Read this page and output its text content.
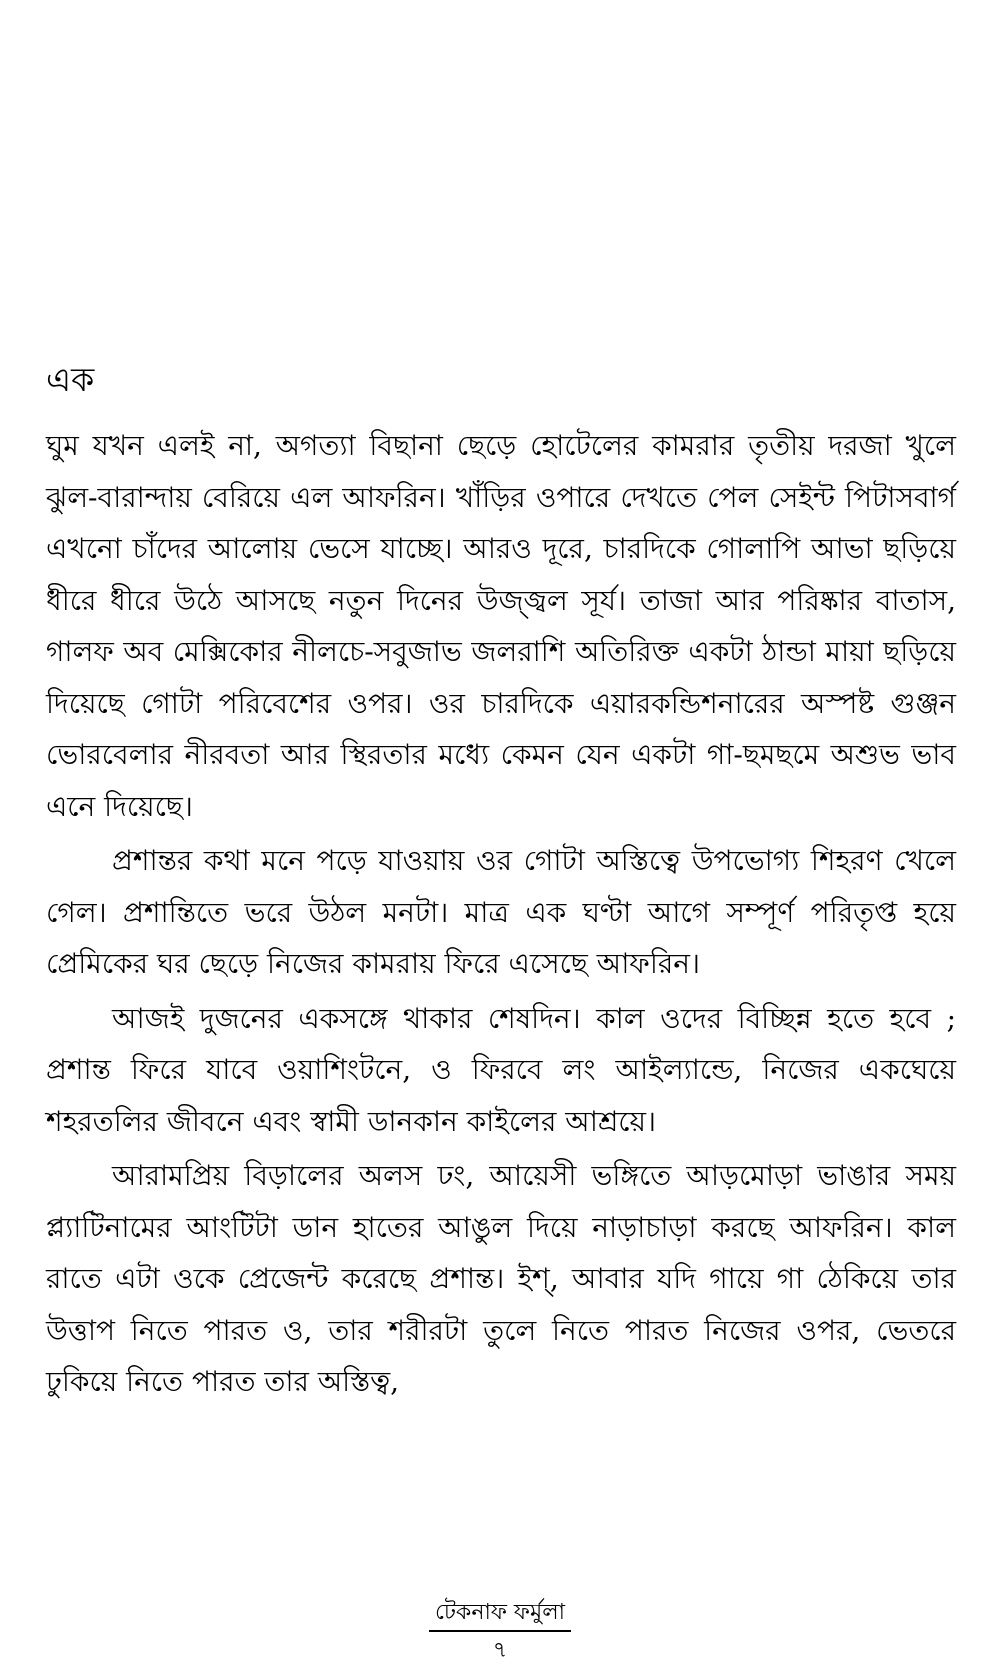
এক

ঘুম যখন এলই না, অগত্যা বিছানা ছেড়ে হোটেলের কামরার তৃতীয় দরজা খুলে ঝুল-বারান্দায় বেরিয়ে এল আফরিন। খাঁড়ির ওপারে দেখতে পেল সেইন্ট পিটাসবার্গ এখনো চাঁদের আলোয় ভেসে যাচ্ছে। আরও দূরে, চারদিকে গোলাপি আভা ছড়িয়ে ধীরে ধীরে উঠে আসছে নতুন দিনের উজ্জ্বল সূর্য। তাজা আর পরিষ্কার বাতাস, গালফ অব মেক্সিকোর নীলচে-সবুজাভ জলরাশি অতিরিক্ত একটা ঠান্ডা মায়া ছড়িয়ে দিয়েছে গোটা পরিবেশের ওপর। ওর চারদিকে এয়ারকন্ডিশনারের অস্পষ্ট গুঞ্জন ভোরবেলার নীরবতা আর স্থিরতার মধ্যে কেমন যেন একটা গা-ছমছমে অশুভ ভাব এনে দিয়েছে।

প্রশান্তর কথা মনে পড়ে যাওয়ায় ওর গোটা অস্তিত্বে উপভোগ্য শিহরণ খেলে গেল। প্রশান্তিতে ভরে উঠল মনটা। মাত্র এক ঘণ্টা আগে সম্পূর্ণ পরিতৃপ্ত হয়ে প্রেমিকের ঘর ছেড়ে নিজের কামরায় ফিরে এসেছে আফরিন।

আজই দুজনের একসঙ্গে থাকার শেষদিন। কাল ওদের বিচ্ছিন্ন হতে হবে ; প্রশান্ত ফিরে যাবে ওয়াশিংটনে, ও ফিরবে লং আইল্যান্ডে, নিজের একঘেয়ে শহরতলির জীবনে এবং স্বামী ডানকান কাইলের আশ্রয়ে।

আরামপ্রিয় বিড়ালের অলস ঢং, আয়েসী ভঙ্গিতে আড়মোড়া ভাঙার সময় প্ল্যাটিনামের আংটিটা ডান হাতের আঙুল দিয়ে নাড়াচাড়া করছে আফরিন। কাল রাতে এটা ওকে প্রেজেন্ট করেছে প্রশান্ত। ইশ্, আবার যদি গায়ে গা ঠেকিয়ে তার উত্তাপ নিতে পারত ও, তার শরীরটা তুলে নিতে পারত নিজের ওপর, ভেতরে ঢুকিয়ে নিতে পারত তার অস্তিত্ব,

টেকনাফ ফর্মুলা
৭
